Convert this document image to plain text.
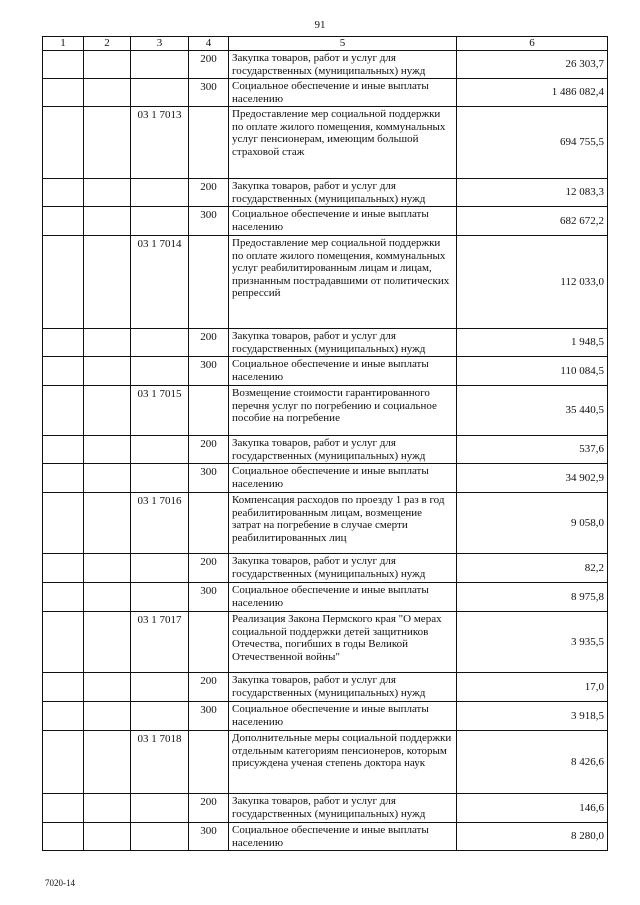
91
1	2	3	4	5	6
			200	Закупка товаров, работ и услуг для государственных (муниципальных) нужд	26 303,7
			300	Социальное обеспечение и иные выплаты населению	1 486 082,4
		03 1 7013		Предоставление мер социальной поддержки по оплате жилого помещения, коммунальных услуг пенсионерам, имеющим большой страховой стаж	694 755,5
			200	Закупка товаров, работ и услуг для государственных (муниципальных) нужд	12 083,3
			300	Социальное обеспечение и иные выплаты населению	682 672,2
		03 1 7014		Предоставление мер социальной поддержки по оплате жилого помещения, коммунальных услуг реабилитированным лицам и лицам, признанным пострадавшими от политических репрессий	112 033,0
			200	Закупка товаров, работ и услуг для государственных (муниципальных) нужд	1 948,5
			300	Социальное обеспечение и иные выплаты населению	110 084,5
		03 1 7015		Возмещение стоимости гарантированного перечня услуг по погребению и социальное пособие на погребение	35 440,5
			200	Закупка товаров, работ и услуг для государственных (муниципальных) нужд	537,6
			300	Социальное обеспечение и иные выплаты населению	34 902,9
		03 1 7016		Компенсация расходов по проезду 1 раз в год реабилитированным лицам, возмещение затрат на погребение в случае смерти реабилитированных лиц	9 058,0
			200	Закупка товаров, работ и услуг для государственных (муниципальных) нужд	82,2
			300	Социальное обеспечение и иные выплаты населению	8 975,8
		03 1 7017		Реализация Закона Пермского края "О мерах социальной поддержки детей защитников Отечества, погибших в годы Великой Отечественной войны"	3 935,5
			200	Закупка товаров, работ и услуг для государственных (муниципальных) нужд	17,0
			300	Социальное обеспечение и иные выплаты населению	3 918,5
		03 1 7018		Дополнительные меры социальной поддержки отдельным категориям пенсионеров, которым присуждена ученая степень доктора наук	8 426,6
			200	Закупка товаров, работ и услуг для государственных (муниципальных) нужд	146,6
			300	Социальное обеспечение и иные выплаты населению	8 280,0
7020-14
